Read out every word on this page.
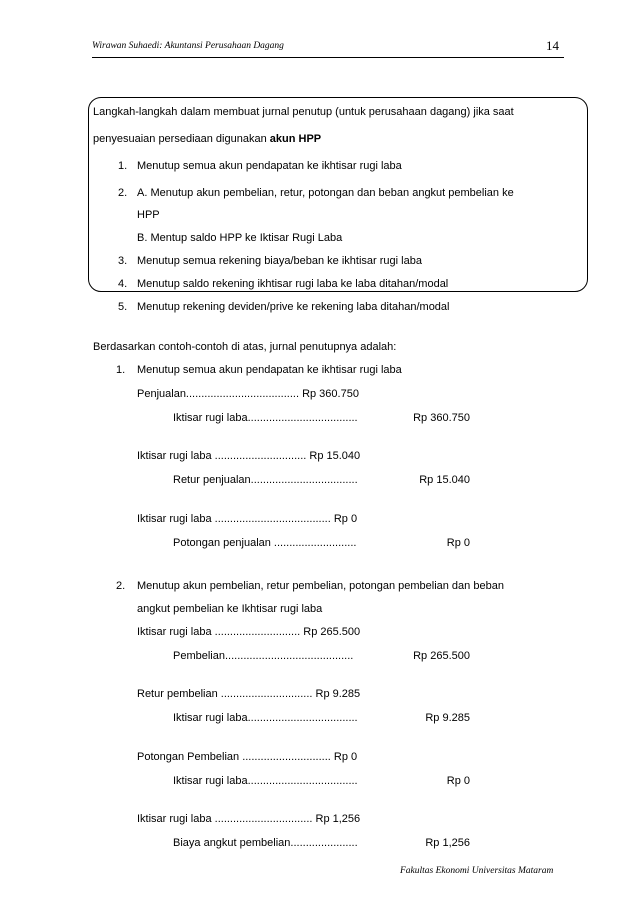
Wirawan Suhaedi: Akuntansi Perusahaan Dagang	14
Langkah-langkah dalam membuat jurnal penutup (untuk perusahaan dagang) jika saat
penyesuaian persediaan digunakan akun HPP
1. Menutup semua akun pendapatan ke ikhtisar rugi laba
2. A. Menutup akun pembelian, retur, potongan dan beban angkut pembelian ke
HPP
B. Mentup saldo HPP ke Iktisar Rugi Laba
3. Menutup semua rekening biaya/beban ke ikhtisar rugi laba
4. Menutup saldo rekening ikhtisar rugi laba ke laba ditahan/modal
5. Menutup rekening deviden/prive ke rekening laba ditahan/modal
Berdasarkan contoh-contoh di atas, jurnal penutupnya adalah:
1. Menutup semua akun pendapatan ke ikhtisar rugi laba
Penjualan..................................... Rp 360.750
Iktisar rugi laba....................................	Rp 360.750
Iktisar rugi laba .............................. Rp 15.040
Retur penjualan...................................	Rp 15.040
Iktisar rugi laba ...................................... Rp 0
Potongan penjualan ...........................	Rp 0
2. Menutup akun pembelian, retur pembelian, potongan pembelian dan beban
angkut pembelian ke Ikhtisar rugi laba
Iktisar rugi laba ............................ Rp 265.500
Pembelian..........................................	Rp 265.500
Retur pembelian .............................. Rp 9.285
Iktisar rugi laba....................................	Rp 9.285
Potongan Pembelian ............................. Rp 0
Iktisar rugi laba....................................	Rp 0
Iktisar rugi laba ................................ Rp 1,256
Biaya angkut pembelian......................	Rp 1,256
Fakultas Ekonomi Universitas Mataram
